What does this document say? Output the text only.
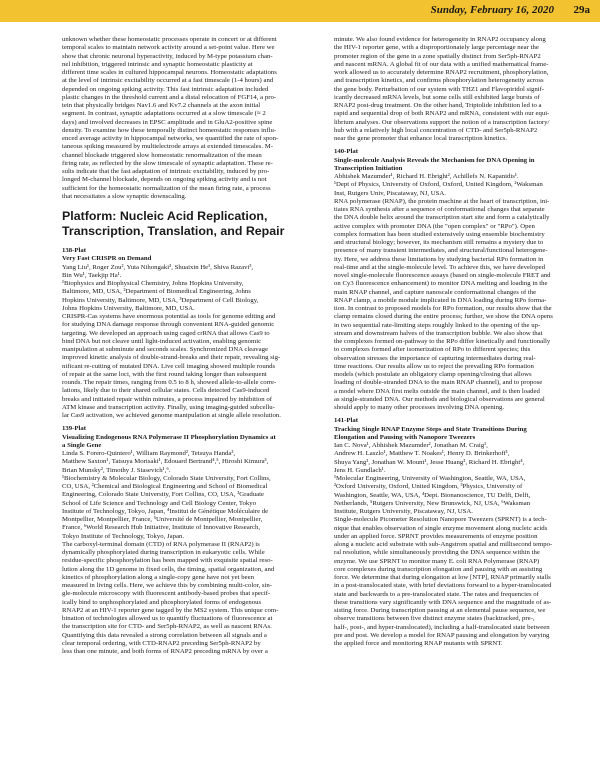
Sunday, February 16, 2020 29a
unknown whether these homeostatic processes operate in concert or at different
temporal scales to maintain network activity around a set-point value. Here we
show that chronic neuronal hyperactivity, induced by M-type potassium chan-
nel inhibition, triggered intrinsic and synaptic homeostatic plasticity at
different time scales in cultured hippocampal neurons. Homeostatic adaptations
at the level of intrinsic excitability occurred at a fast timescale (1-4 hours) and
depended on ongoing spiking activity. This fast intrinsic adaptation included
plastic changes in the threshold current and a distal relocation of FGF14, a pro-
tein that physically bridges Nav1.6 and Kv7.2 channels at the axon initial
segment. In contrast, synaptic adaptations occurred at a slow timescale (≈ 2
days) and involved decreases in EPSC amplitude and in GluA2-positive spine
density. To examine how these temporally distinct homeostatic responses influ-
enced average activity in hippocampal networks, we quantified the rate of spon-
taneous spiking measured by multielectrode arrays at extended timescales. M-
channel blockade triggered slow homeostatic renormalization of the mean
firing rate, as reflected by the slow timescale of synaptic adaptation. These re-
sults indicate that the fast adaptation of intrinsic excitability, induced by pro-
longed M-channel blockade, depends on ongoing spiking activity and is not
sufficient for the homeostatic normalization of the mean firing rate, a process
that necessitates a slow synaptic downscaling.
Platform: Nucleic Acid Replication,
Transcription, Translation, and Repair
138-Plat
Very Fast CRISPR on Demand
Yang Liu¹, Roger Zou², Yuta Nihongaki³, Shuaixin He¹, Shiva Razavi³,
Bin Wu¹, Taekjip Ha¹.
¹Biophysics and Biophysical Chemistry, Johns Hopkins University,
Baltimore, MD, USA, ²Department of Biomedical Engineering, Johns
Hopkins University, Baltimore, MD, USA, ³Department of Cell Biology,
Johns Hopkins University, Baltimore, MD, USA.
CRISPR-Cas systems have enormous potential as tools for genome editing and
for studying DNA damage response through convenient RNA-guided genomic
targeting. We developed an approach using caged crRNA that allows Cas9 to
bind DNA but not cleave until light-induced activation, enabling genomic
manipulation at subminute and seconds scales. Synchronized DNA cleavage
improved kinetic analysis of double-strand-breaks and their repair, revealing sig-
nificant re-cutting of mutated DNA. Live cell imaging showed multiple rounds
of repair at the same loci, with the first round taking longer than subsequent
rounds. The repair times, ranging from 0.5 to 8 h, showed allele-to-allele corre-
lations, likely due to their shared cellular states. Cells detected Cas9-induced
breaks and initiated repair within minutes, a process impaired by inhibition of
ATM kinase and transcription activity. Finally, using imaging-guided subcellu-
lar Cas9 activation, we achieved genome manipulation at single allele resolution.
139-Plat
Visualizing Endogenous RNA Polymerase II Phosphorylation Dynamics at
a Single Gene
Linda S. Forero-Quintero¹, William Raymond², Tetsuya Handa³,
Matthew Saxton¹, Tatsuya Morisaki¹, Edouard Bertrand⁴,⁵, Hiroshi Kimura³,
Brian Munsky², Timothy J. Stasevich¹,⁶.
¹Biochemistry & Molecular Biology, Colorado State University, Fort Collins,
CO, USA, ²Chemical and Biological Engineering and School of Biomedical
Engineering, Colorado State University, Fort Collins, CO, USA, ³Graduate
School of Life Science and Technology and Cell Biology Center, Tokyo
Institute of Technology, Tokyo, Japan, ⁴Institut de Génétique Moléculaire de
Montpellier, Montpellier, France, ⁵Université de Montpellier, Montpellier,
France, ⁶World Research Hub Initiative, Institute of Innovative Research,
Tokyo Institute of Technology, Tokyo, Japan.
The carboxyl-terminal domain (CTD) of RNA polymerase II (RNAP2) is
dynamically phosphorylated during transcription in eukaryotic cells. While
residue-specific phosphorylation has been mapped with exquisite spatial reso-
lution along the 1D genome in fixed cells, the timing, spatial organization, and
kinetics of phosphorylation along a single-copy gene have not yet been
measured in living cells. Here, we achieve this by combining multi-color, sin-
gle-molecule microscopy with fluorescent antibody-based probes that specif-
ically bind to unphosphorylated and phosphorylated forms of endogenous
RNAP2 at an HIV-1 reporter gene tagged by the MS2 system. This unique com-
bination of technologies allowed us to quantify fluctuations of fluorescence at
the transcription site for CTD- and Ser5ph-RNAP2, as well as nascent RNAs.
Quantifying this data revealed a strong correlation between all signals and a
clear temporal ordering, with CTD-RNAP2 preceding Ser5ph-RNAP2 by
less than one minute, and both forms of RNAP2 preceding mRNA by over a
minute. We also found evidence for heterogeneity in RNAP2 occupancy along
the HIV-1 reporter gene, with a disproportionately large percentage near the
promoter region of the gene in a zone spatially distinct from Ser5ph-RNAP2
and nascent mRNA. A global fit of our data with a unified mathematical frame-
work allowed us to accurately determine RNAP2 recruitment, phosphorylation,
and transcription kinetics, and confirms phosphorylation heterogeneity across
the gene body. Perturbation of our system with THZ1 and Flavopiridol signif-
icantly decreased mRNA levels, but some cells still exhibited large bursts of
RNAP2 post-drug treatment. On the other hand, Triptolide inhibition led to a
rapid and sequential drop of both RNAP2 and mRNA, consistent with our equi-
librium analyses. Our observations support the notion of a transcription factory/
hub with a relatively high local concentration of CTD- and Ser5ph-RNAP2
near the gene promoter that enhance local transcription kinetics.
140-Plat
Single-molecule Analysis Reveals the Mechanism for DNA Opening in
Transcription Initiation
Abhishek Mazumder¹, Richard H. Ebright², Achillefs N. Kapanidis¹.
¹Dept of Physics, University of Oxford, Oxford, United Kingdom, ²Waksman
Inst, Rutgers Univ, Piscataway, NJ, USA.
RNA polymerase (RNAP), the protein machine at the heart of transcription, ini-
tiates RNA synthesis after a sequence of conformational changes that separate
the DNA double helix around the transcription start site and form a catalytically
active complex with promoter DNA (the "open complex" or "RPo"). Open
complex formation has been studied extensively using ensemble biochemistry
and structural biology; however, its mechanism still remains a mystery due to
presence of many transient intermediates, and structural/functional heterogene-
ity. Here, we address these limitations by studying bacterial RPo formation in
real-time and at the single-molecule level. To achieve this, we have developed
novel single-molecule fluorescence assays (based on single-molecule FRET and
on Cy3 fluorescence enhancement) to monitor DNA melting and loading in the
main RNAP channel, and capture nanoscale conformational changes of the
RNAP clamp, a mobile module implicated in DNA loading during RPo forma-
tion. In contrast to proposed models for RPo formation, our results show that the
clamp remains closed during the entire process; further, we show the DNA opens
in two sequential rate-limiting steps roughly linked to the opening of the up-
stream and downstream halves of the transcription bubble. We also show that
the complexes formed on-pathway to the RPo differ kinetically and functionally
to complexes formed after isomerization of RPo to different species; this
observation stresses the importance of capturing intermediates during real-
time reactions. Our results allow us to reject the prevailing RPo formation
models (which postulate an obligatory clamp opening/closing that allows
loading of double-stranded DNA to the main RNAP channel), and to propose
a model where DNA first melts outside the main channel, and is then loaded
as single-stranded DNA. Our methods and biological observations are general
should apply to many other processes involving DNA opening.
141-Plat
Tracking Single RNAP Enzyme Steps and State Transitions During
Elongation and Pausing with Nanopore Tweezers
Ian C. Nova¹, Abhishek Mazumder², Jonathan M. Craig¹,
Andrew H. Laszlo¹, Matthew T. Noakes¹, Henry D. Brinkerhoff¹,
Shuya Yang³, Jonathan W. Mount¹, Jesse Huang³, Richard H. Ebright⁴,
Jens H. Gundlach¹.
¹Molecular Engineering, University of Washington, Seattle, WA, USA,
²Oxford University, Oxford, United Kingdom, ³Physics, University of
Washington, Seattle, WA, USA, ⁴Dept. Bionanoscience, TU Delft, Delft,
Netherlands, ⁵Rutgers University, New Brunswick, NJ, USA, ⁶Waksman
Institute, Rutgers University, Piscataway, NJ, USA.
Single-molecule Picometer Resolution Nanopore Tweezers (SPRNT) is a tech-
nique that enables observation of single enzyme movement along nucleic acids
under an applied force. SPRNT provides measurements of enzyme position
along a nucleic acid substrate with sub-Angstrom spatial and millisecond tempo-
ral resolution, while simultaneously providing the DNA sequence within the
enzyme. We use SPRNT to monitor many E. coli RNA Polymerase (RNAP)
core complexes during transcription elongation and pausing with an assisting
force. We determine that during elongation at low [NTP], RNAP primarily stalls
in a post-translocated state, with brief deviations forward to a hyper-translocated
state and backwards to a pre-translocated state. The rates and frequencies of
these transitions vary significantly with DNA sequence and the magnitude of as-
sisting force. During transcription pausing at an elemental pause sequence, we
observe transitions between five distinct enzyme states (backtracked, pre-,
half-, post-, and hyper-translocated), including a half-translocated state between
pre and post. We develop a model for RNAP pausing and elongation by varying
the applied force and monitoring RNAP mutants with SPRNT.
